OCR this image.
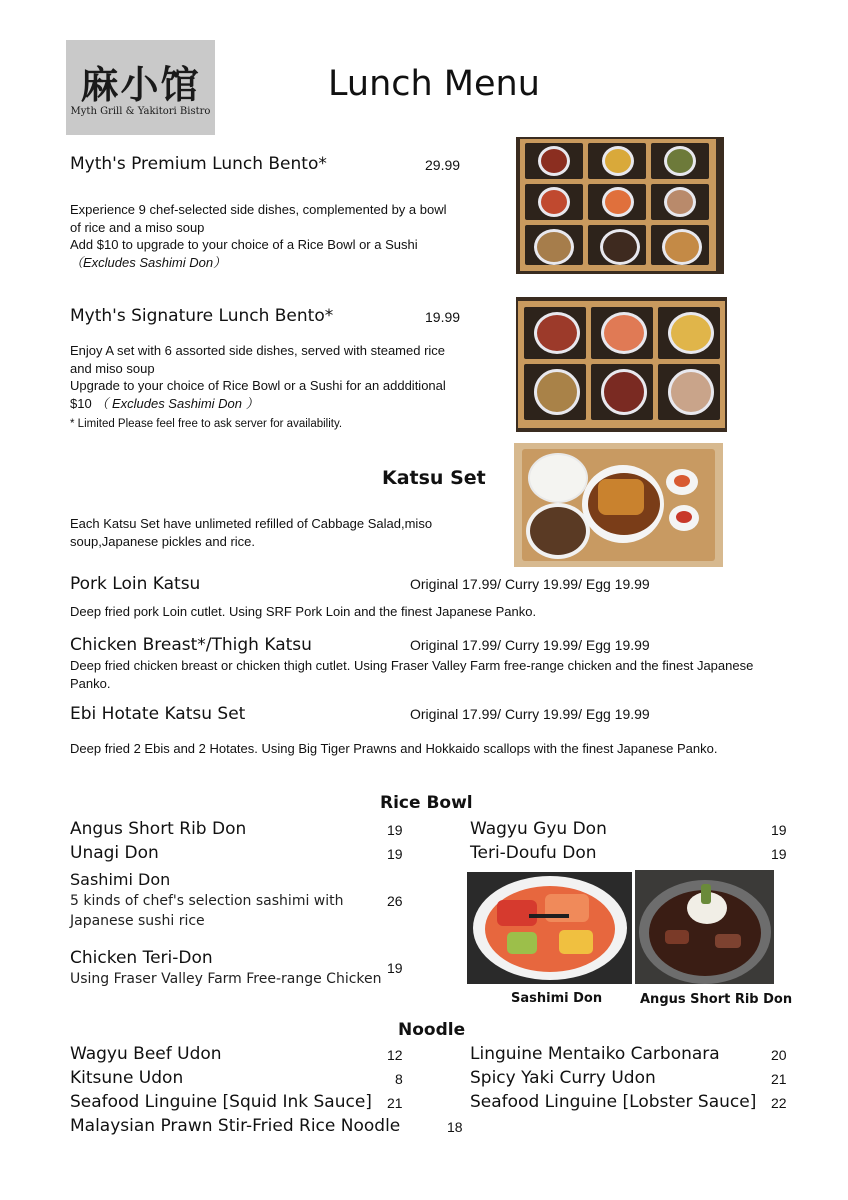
麻小馆
Myth Grill & Yakitori Bistro
Lunch Menu
Myth's Premium Lunch Bento*	29.99
Experience 9 chef-selected side dishes, complemented by a bowl of rice and a miso soup
Add $10 to upgrade to your choice of a Rice Bowl or a Sushi
（Excludes Sashimi Don）
Myth's Signature Lunch Bento*	19.99
Enjoy A set with 6 assorted side dishes, served with steamed rice and miso soup
Upgrade to your choice of Rice Bowl or a Sushi for an addditional $10 （ Excludes Sashimi Don ）
* Limited Please feel free to ask server for availability.
Katsu Set
Each Katsu Set have unlimeted refilled of Cabbage Salad,miso soup,Japanese pickles and rice.
Pork Loin Katsu	Original 17.99/ Curry 19.99/ Egg 19.99
Deep fried pork Loin cutlet. Using SRF Pork Loin and the finest Japanese Panko.
Chicken Breast*/Thigh Katsu	Original 17.99/ Curry 19.99/ Egg 19.99
Deep fried chicken breast or chicken thigh cutlet. Using Fraser Valley Farm free-range chicken and the finest Japanese Panko.
Ebi Hotate Katsu Set	Original 17.99/ Curry 19.99/ Egg 19.99
Deep fried 2 Ebis and 2 Hotates. Using Big Tiger Prawns and Hokkaido scallops with the finest Japanese Panko.
Rice Bowl
Angus Short Rib Don	19
Unagi Don	19
Sashimi Don
5 kinds of chef's selection sashimi with
Japanese sushi rice
26
Chicken Teri-Don
Using Fraser Valley Farm Free-range Chicken
19
Wagyu Gyu Don	19
Teri-Doufu Don	19
Sashimi Don	Angus Short Rib Don
Noodle
Wagyu Beef Udon	12
Kitsune Udon	8
Seafood Linguine [Squid Ink Sauce] 21
Malaysian Prawn Stir-Fried Rice Noodle	18
Linguine Mentaiko Carbonara	20
Spicy Yaki Curry Udon	21
Seafood Linguine [Lobster Sauce] 22
